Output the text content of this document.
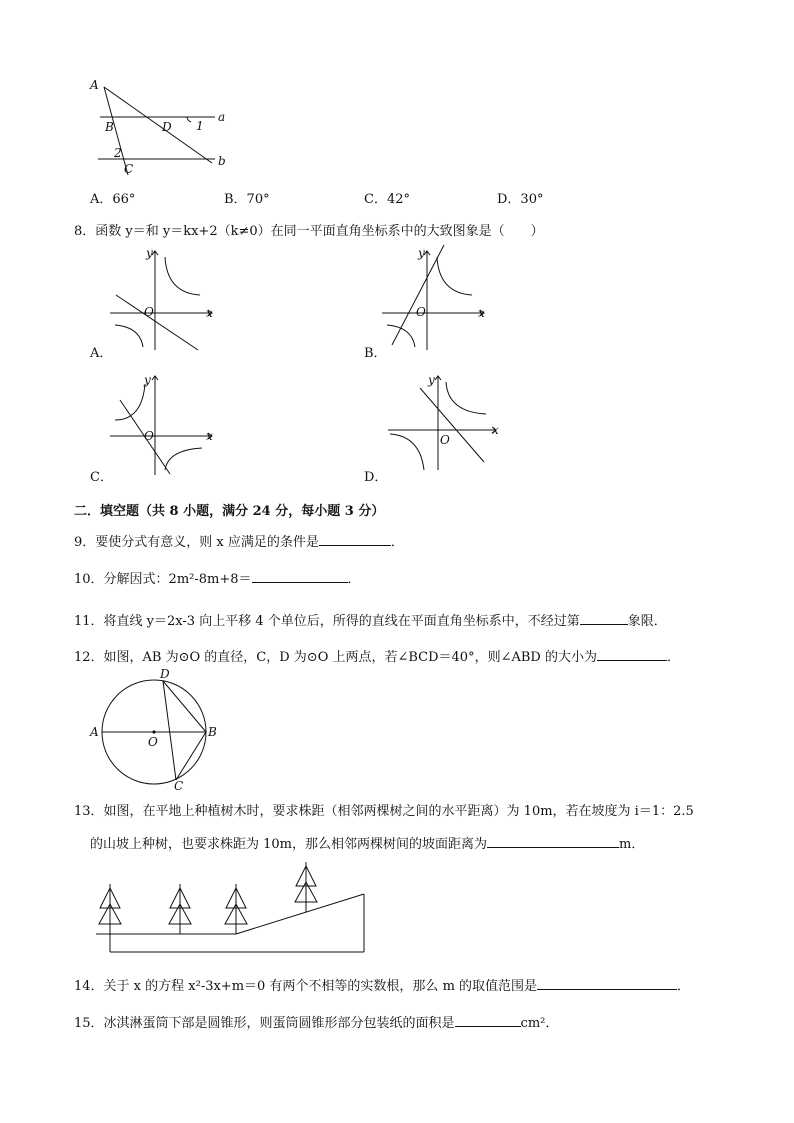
A
B	D 1
a
2
C
b
A．66°	B．70°	C．42°	D．30°
8．函数 y＝和 y＝kx+2（k≠0）在同一平面直角坐标系中的大致图象是（　　）
y
x
O
A．
y
x
O
B．
y
x
O
C．
y
x
O
D．
二．填空题（共 8 小题，满分 24 分，每小题 3 分）
9．要使分式有意义，则 x 应满足的条件是	．
10．分解因式：2m²-8m+8＝	．
11．将直线 y＝2x-3 向上平移 4 个单位后，所得的直线在平面直角坐标系中，不经过第	象限．
12．如图，AB 为⊙O 的直径，C，D 为⊙O 上两点，若∠BCD＝40°，则∠ABD 的大小为	．
A	B
D
C
O
13．如图，在平地上种植树木时，要求株距（相邻两棵树之间的水平距离）为 10m，若在坡度为 i＝1：2.5
的山坡上种树，也要求株距为 10m，那么相邻两棵树间的坡面距离为	m．
14．关于 x 的方程 x²-3x+m＝0 有两个不相等的实数根，那么 m 的取值范围是	．
15．冰淇淋蛋筒下部是圆锥形，则蛋筒圆锥形部分包装纸的面积是	cm²．
